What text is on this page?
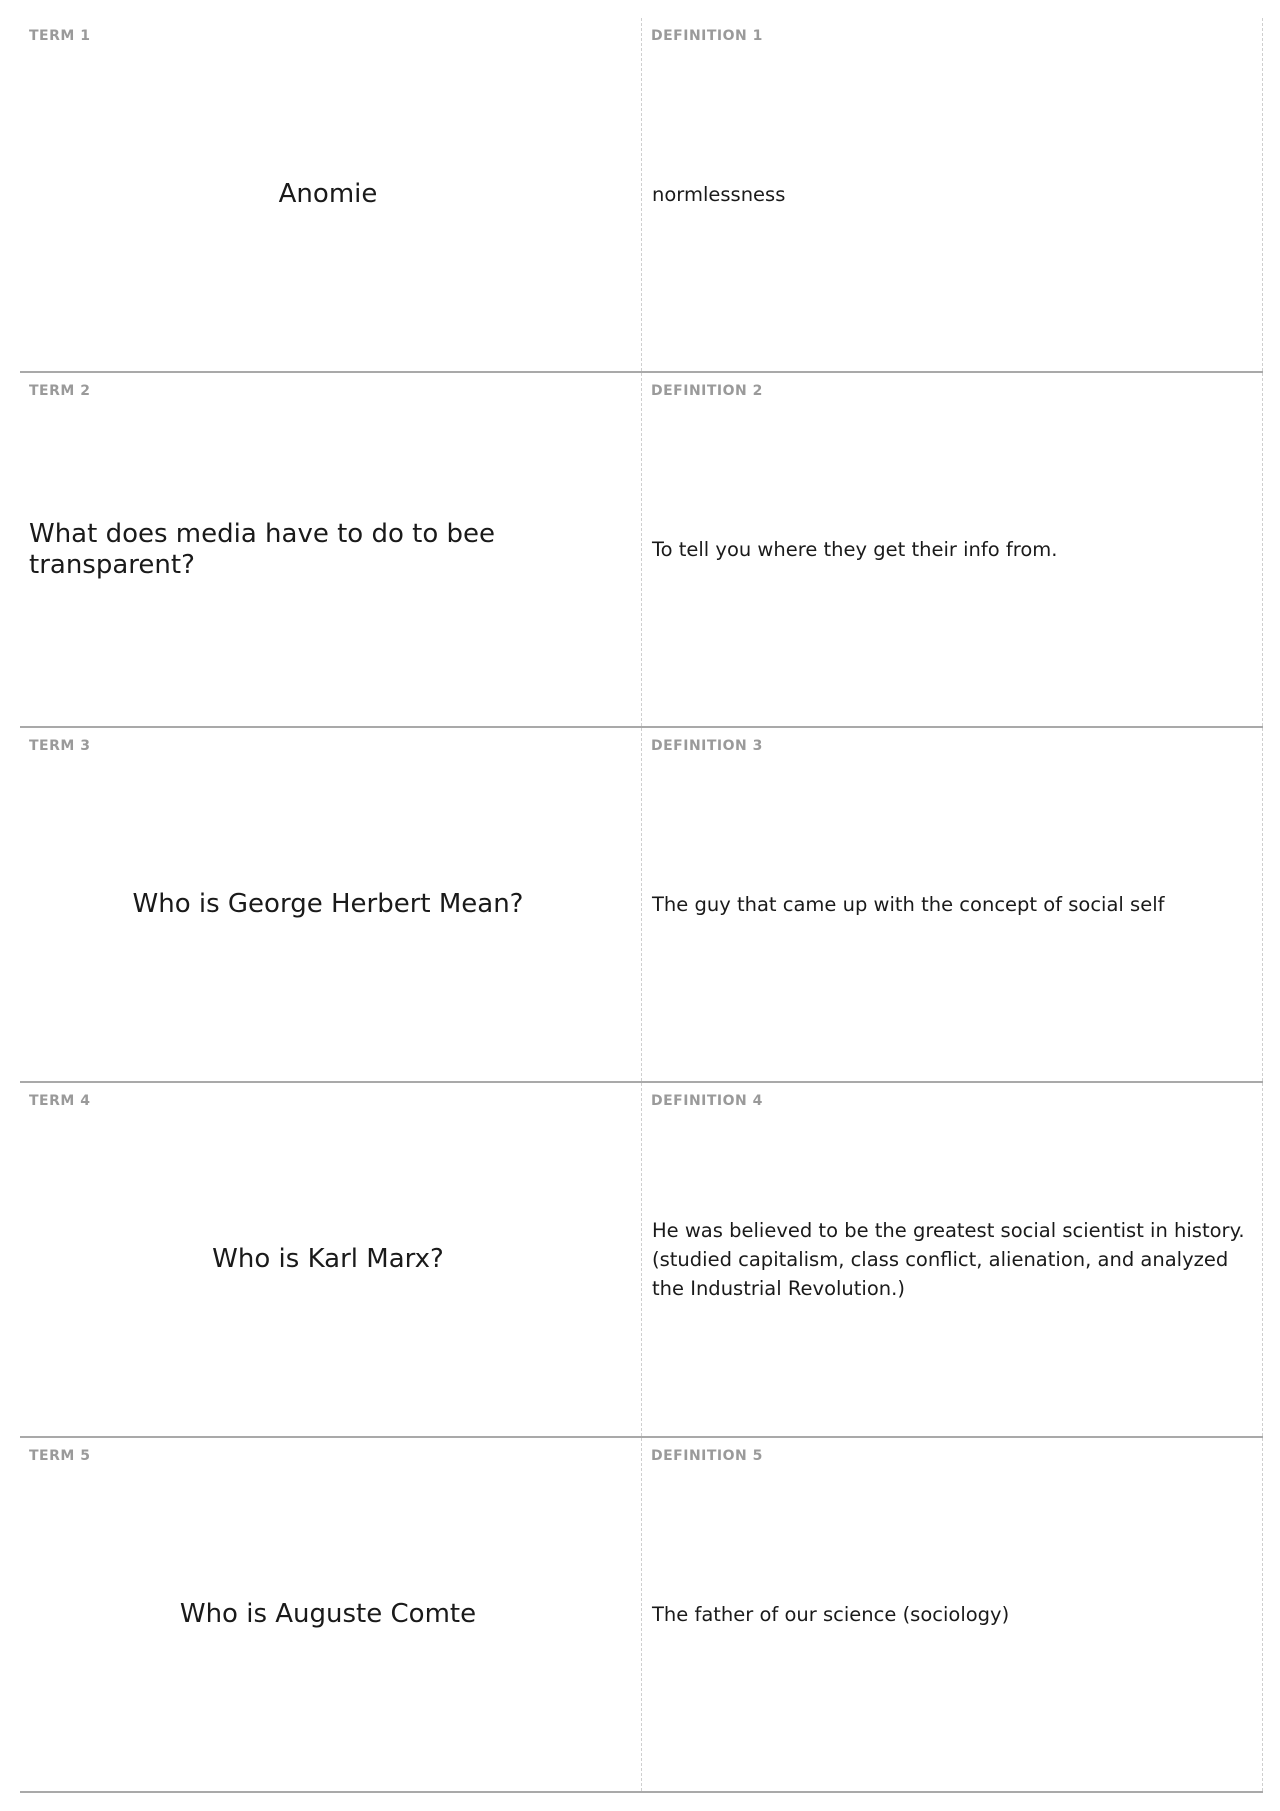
TERM 1
Anomie
DEFINITION 1
normlessness
TERM 2
What does media have to do to bee transparent?
DEFINITION 2
To tell you where they get their info from.
TERM 3
Who is George Herbert Mean?
DEFINITION 3
The guy that came up with the concept of social self
TERM 4
Who is Karl Marx?
DEFINITION 4
He was believed to be the greatest social scientist in history. (studied capitalism, class conflict, alienation, and analyzed the Industrial Revolution.)
TERM 5
Who is Auguste Comte
DEFINITION 5
The father of our science (sociology)
